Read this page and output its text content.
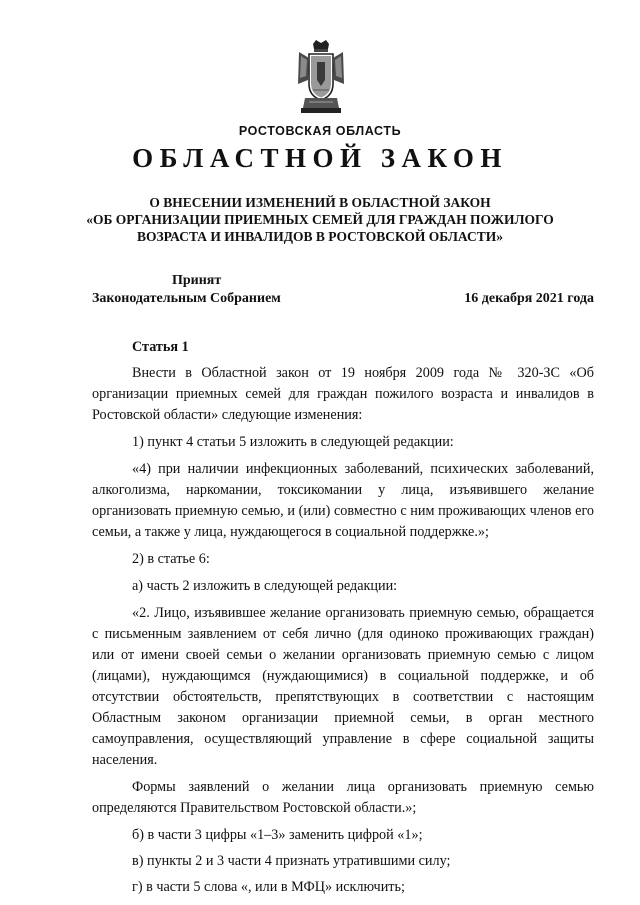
РОСТОВСКАЯ ОБЛАСТЬ
ОБЛАСТНОЙ ЗАКОН
О ВНЕСЕНИИ ИЗМЕНЕНИЙ В ОБЛАСТНОЙ ЗАКОН
«ОБ ОРГАНИЗАЦИИ ПРИЕМНЫХ СЕМЕЙ ДЛЯ ГРАЖДАН ПОЖИЛОГО
ВОЗРАСТА И ИНВАЛИДОВ В РОСТОВСКОЙ ОБЛАСТИ»
Принят
Законодательным Собранием	16 декабря 2021 года
Статья 1

Внести в Областной закон от 19 ноября 2009 года № 320-ЗС «Об организации приемных семей для граждан пожилого возраста и инвалидов в Ростовской области» следующие изменения:

1) пункт 4 статьи 5 изложить в следующей редакции:

«4) при наличии инфекционных заболеваний, психических заболеваний, алкоголизма, наркомании, токсикомании у лица, изъявившего желание организовать приемную семью, и (или) совместно с ним проживающих членов его семьи, а также у лица, нуждающегося в социальной поддержке.»;

2) в статье 6:

а) часть 2 изложить в следующей редакции:

«2. Лицо, изъявившее желание организовать приемную семью, обращается с письменным заявлением от себя лично (для одиноко проживающих граждан) или от имени своей семьи о желании организовать приемную семью с лицом (лицами), нуждающимся (нуждающимися) в социальной поддержке, и об отсутствии обстоятельств, препятствующих в соответствии с настоящим Областным законом организации приемной семьи, в орган местного самоуправления, осуществляющий управление в сфере социальной защиты населения.

Формы заявлений о желании лица организовать приемную семью определяются Правительством Ростовской области.»;

б) в части 3 цифры «1–3» заменить цифрой «1»;

в) пункты 2 и 3 части 4 признать утратившими силу;

г) в части 5 слова «, или в МФЦ» исключить;
